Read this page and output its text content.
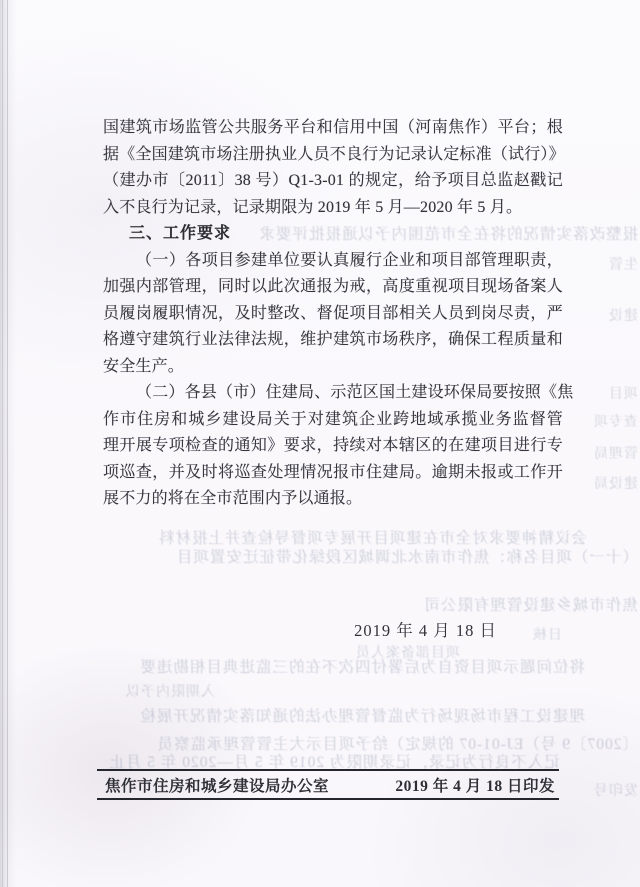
报整改落实情况的将在全市范围内予以通报批评要求
生管
建设
项目
查专项
管理局
建设局
会议精神要求对全市在建项目开展专项督导检查并上报材料
（十一）项目名称：焦作市南水北调城区段绿化带征迁安置项目
焦作市城乡建设管理有限公司
日核
项目部备案人员
将位问题示项目资自为后署付四次不在的三监进典目相勘违要
入期限内予以
理建设工程市场现场行为监督管理办法的通知落实情况开展检
〔2007〕9 号）EJ-01-07 的规定）给予项目示大主管管理承监察员
记入不良行为记录，记录期限为 2019 年 5 月—2020 年 5 月止
发印号
国建筑市场监管公共服务平台和信用中国（河南焦作）平台；根
据《全国建筑市场注册执业人员不良行为记录认定标准（试行）》
（建办市〔2011〕38 号）Q1-3-01 的规定，给予项目总监赵戳记
入不良行为记录，记录期限为 2019 年 5 月—2020 年 5 月。
三、工作要求
（一）各项目参建单位要认真履行企业和项目部管理职责，
加强内部管理，同时以此次通报为戒，高度重视项目现场备案人
员履岗履职情况，及时整改、督促项目部相关人员到岗尽责，严
格遵守建筑行业法律法规，维护建筑市场秩序，确保工程质量和
安全生产。
（二）各县（市）住建局、示范区国土建设环保局要按照《焦
作市住房和城乡建设局关于对建筑企业跨地域承揽业务监督管
理开展专项检查的通知》要求，持续对本辖区的在建项目进行专
项巡查，并及时将巡查处理情况报市住建局。逾期未报或工作开
展不力的将在全市范围内予以通报。
2019 年 4 月 18 日
焦作市住房和城乡建设局办公室	2019 年 4 月 18 日印发
